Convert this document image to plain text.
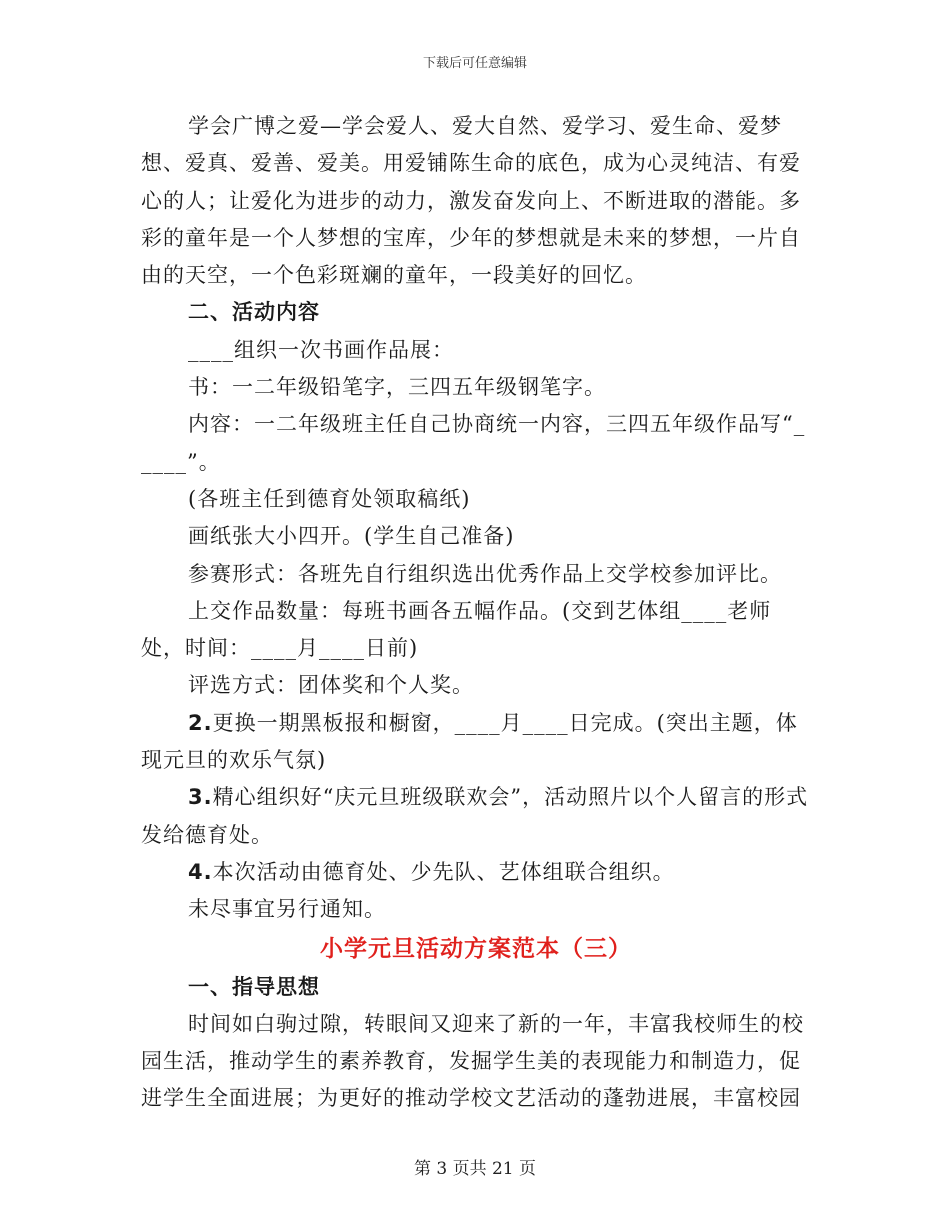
下载后可任意编辑

学会广博之爱—学会爱人、爱大自然、爱学习、爱生命、爱梦想、爱真、爱善、爱美。用爱铺陈生命的底色，成为心灵纯洁、有爱心的人；让爱化为进步的动力，激发奋发向上、不断进取的潜能。多彩的童年是一个人梦想的宝库，少年的梦想就是未来的梦想，一片自由的天空，一个色彩斑斓的童年，一段美好的回忆。

二、活动内容

____组织一次书画作品展：

书：一二年级铅笔字，三四五年级钢笔字。

内容：一二年级班主任自己协商统一内容，三四五年级作品写“_____”。

(各班主任到德育处领取稿纸)

画纸张大小四开。(学生自己准备)

参赛形式：各班先自行组织选出优秀作品上交学校参加评比。

上交作品数量：每班书画各五幅作品。(交到艺体组____老师处，时间：____月____日前)

评选方式：团体奖和个人奖。

2.更换一期黑板报和橱窗，____月____日完成。(突出主题，体现元旦的欢乐气氛)

3.精心组织好“庆元旦班级联欢会”，活动照片以个人留言的形式发给德育处。

4.本次活动由德育处、少先队、艺体组联合组织。

未尽事宜另行通知。

小学元旦活动方案范本（三）

一、指导思想

时间如白驹过隙，转眼间又迎来了新的一年，丰富我校师生的校园生活，推动学生的素养教育，发掘学生美的表现能力和制造力，促进学生全面进展；为更好的推动学校文艺活动的蓬勃进展，丰富校园

第 3 页共 21 页
